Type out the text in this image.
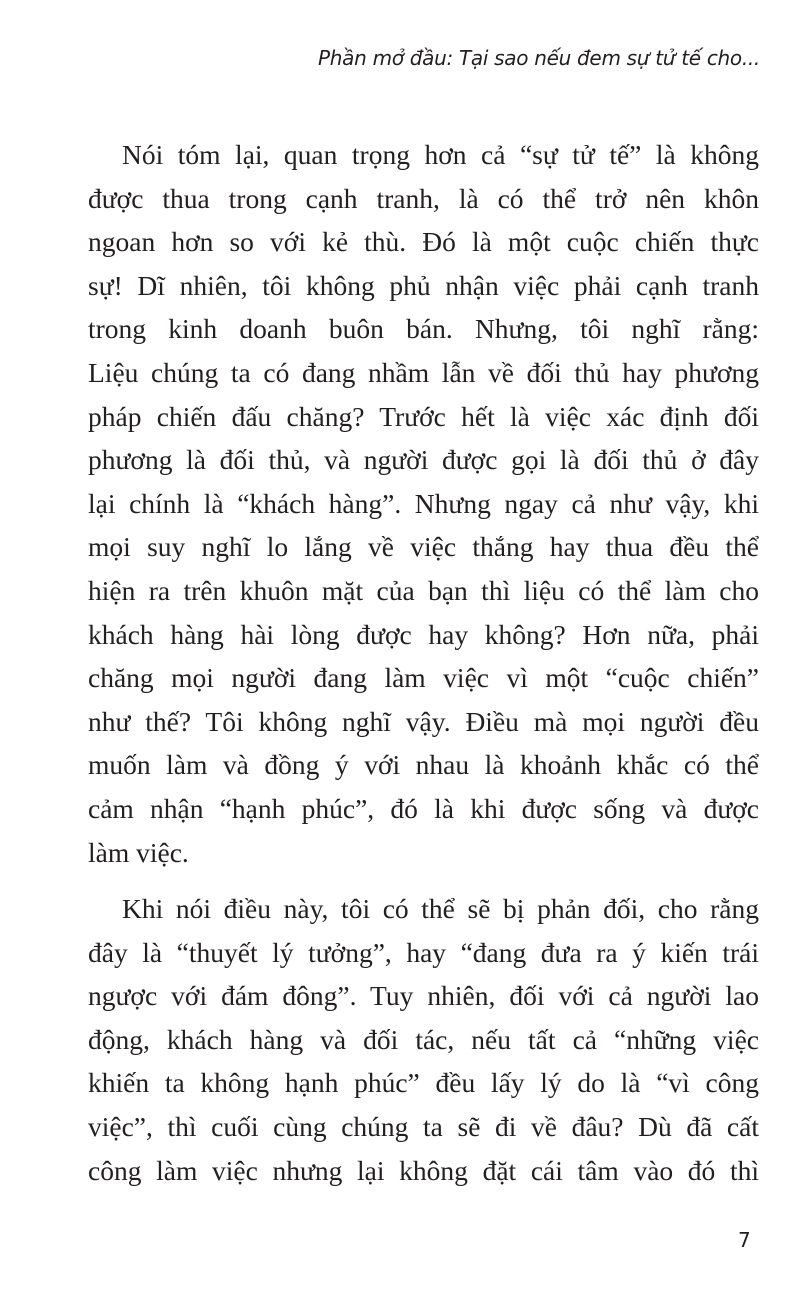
Phần mở đầu: Tại sao nếu đem sự tử tế cho...
Nói tóm lại, quan trọng hơn cả “sự tử tế” là không
được thua trong cạnh tranh, là có thể trở nên khôn
ngoan hơn so với kẻ thù. Đó là một cuộc chiến thực
sự! Dĩ nhiên, tôi không phủ nhận việc phải cạnh tranh
trong kinh doanh buôn bán. Nhưng, tôi nghĩ rằng:
Liệu chúng ta có đang nhầm lẫn về đối thủ hay phương
pháp chiến đấu chăng? Trước hết là việc xác định đối
phương là đối thủ, và người được gọi là đối thủ ở đây
lại chính là “khách hàng”. Nhưng ngay cả như vậy, khi
mọi suy nghĩ lo lắng về việc thắng hay thua đều thể
hiện ra trên khuôn mặt của bạn thì liệu có thể làm cho
khách hàng hài lòng được hay không? Hơn nữa, phải
chăng mọi người đang làm việc vì một “cuộc chiến”
như thế? Tôi không nghĩ vậy. Điều mà mọi người đều
muốn làm và đồng ý với nhau là khoảnh khắc có thể
cảm nhận “hạnh phúc”, đó là khi được sống và được
làm việc.
Khi nói điều này, tôi có thể sẽ bị phản đối, cho rằng
đây là “thuyết lý tưởng”, hay “đang đưa ra ý kiến trái
ngược với đám đông”. Tuy nhiên, đối với cả người lao
động, khách hàng và đối tác, nếu tất cả “những việc
khiến ta không hạnh phúc” đều lấy lý do là “vì công
việc”, thì cuối cùng chúng ta sẽ đi về đâu? Dù đã cất
công làm việc nhưng lại không đặt cái tâm vào đó thì
7
